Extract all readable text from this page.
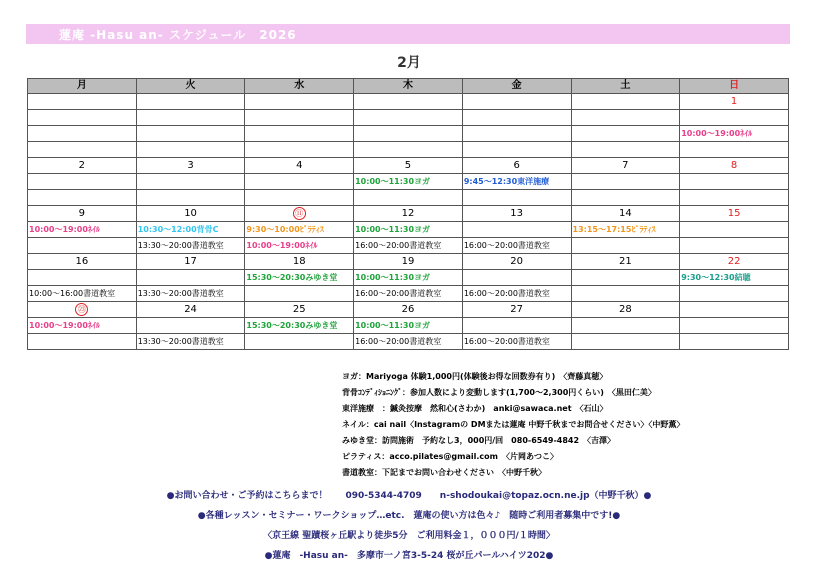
蓮庵 -Hasu an- スケジュール　2026
2月
月	火	水	木	金	土	日
						1

						10:00～19:00ﾈｲﾙ

2	3	4	5	6	7	8
			10:00～11:30ヨガ	9:45～12:30東洋施療		

9	10	⑪	12	13	14	15
10:00～19:00ﾈｲﾙ	10:30～12:00背骨C	9:30～10:00ﾋﾟﾗﾃｨｽ	10:00～11:30ヨガ		13:15～17:15ﾋﾟﾗﾃｨｽ	
	13:30～20:00書道教室	10:00～19:00ﾈｲﾙ	16:00～20:00書道教室	16:00～20:00書道教室		
16	17	18	19	20	21	22
		15:30～20:30みゆき堂	10:00～11:30ヨガ			9:30～12:30結聴
10:00～16:00書道教室	13:30～20:00書道教室		16:00～20:00書道教室	16:00～20:00書道教室		
㉓	24	25	26	27	28	
10:00～19:00ﾈｲﾙ		15:30～20:30みゆき堂	10:00～11:30ヨガ			
	13:30～20:00書道教室		16:00～20:00書道教室	16:00～20:00書道教室		
ヨガ：Mariyoga 体験1,000円(体験後お得な回数券有り)　〈齊藤真穂〉
背骨ｺﾝﾃﾞｨｼｮﾆﾝｸﾞ：参加人数により変動します(1,700～2,300円くらい)　〈黒田仁美〉
東洋施療　：鍼灸按摩　然和心(さわか)　anki@sawaca.net　〈石山〉
ネイル：cai nail〈Instagramの DMまたは蓮庵 中野千秋までお問合せください〉〈中野薫〉
みゆき堂：訪問施術　予約なし3，000円/回　080-6549-4842　〈吉澤〉
ピラティス：acco.pilates@gmail.com　〈片岡あつこ〉
書道教室：下記までお問い合わせください　〈中野千秋〉
●お問い合わせ・ご予約はこちらまで！　　090-5344-4709　　n-shodoukai@topaz.ocn.ne.jp（中野千秋）●
●各種レッスン・セミナー・ワークショップ…etc.　蓮庵の使い方は色々♪　随時ご利用者募集中です!●
〈京王線 聖蹟桜ヶ丘駅より徒歩5分　ご利用料金１，０００円/１時間〉
●蓮庵　-Hasu an-　多摩市一ノ宮3-5-24 桜が丘パールハイツ202●
